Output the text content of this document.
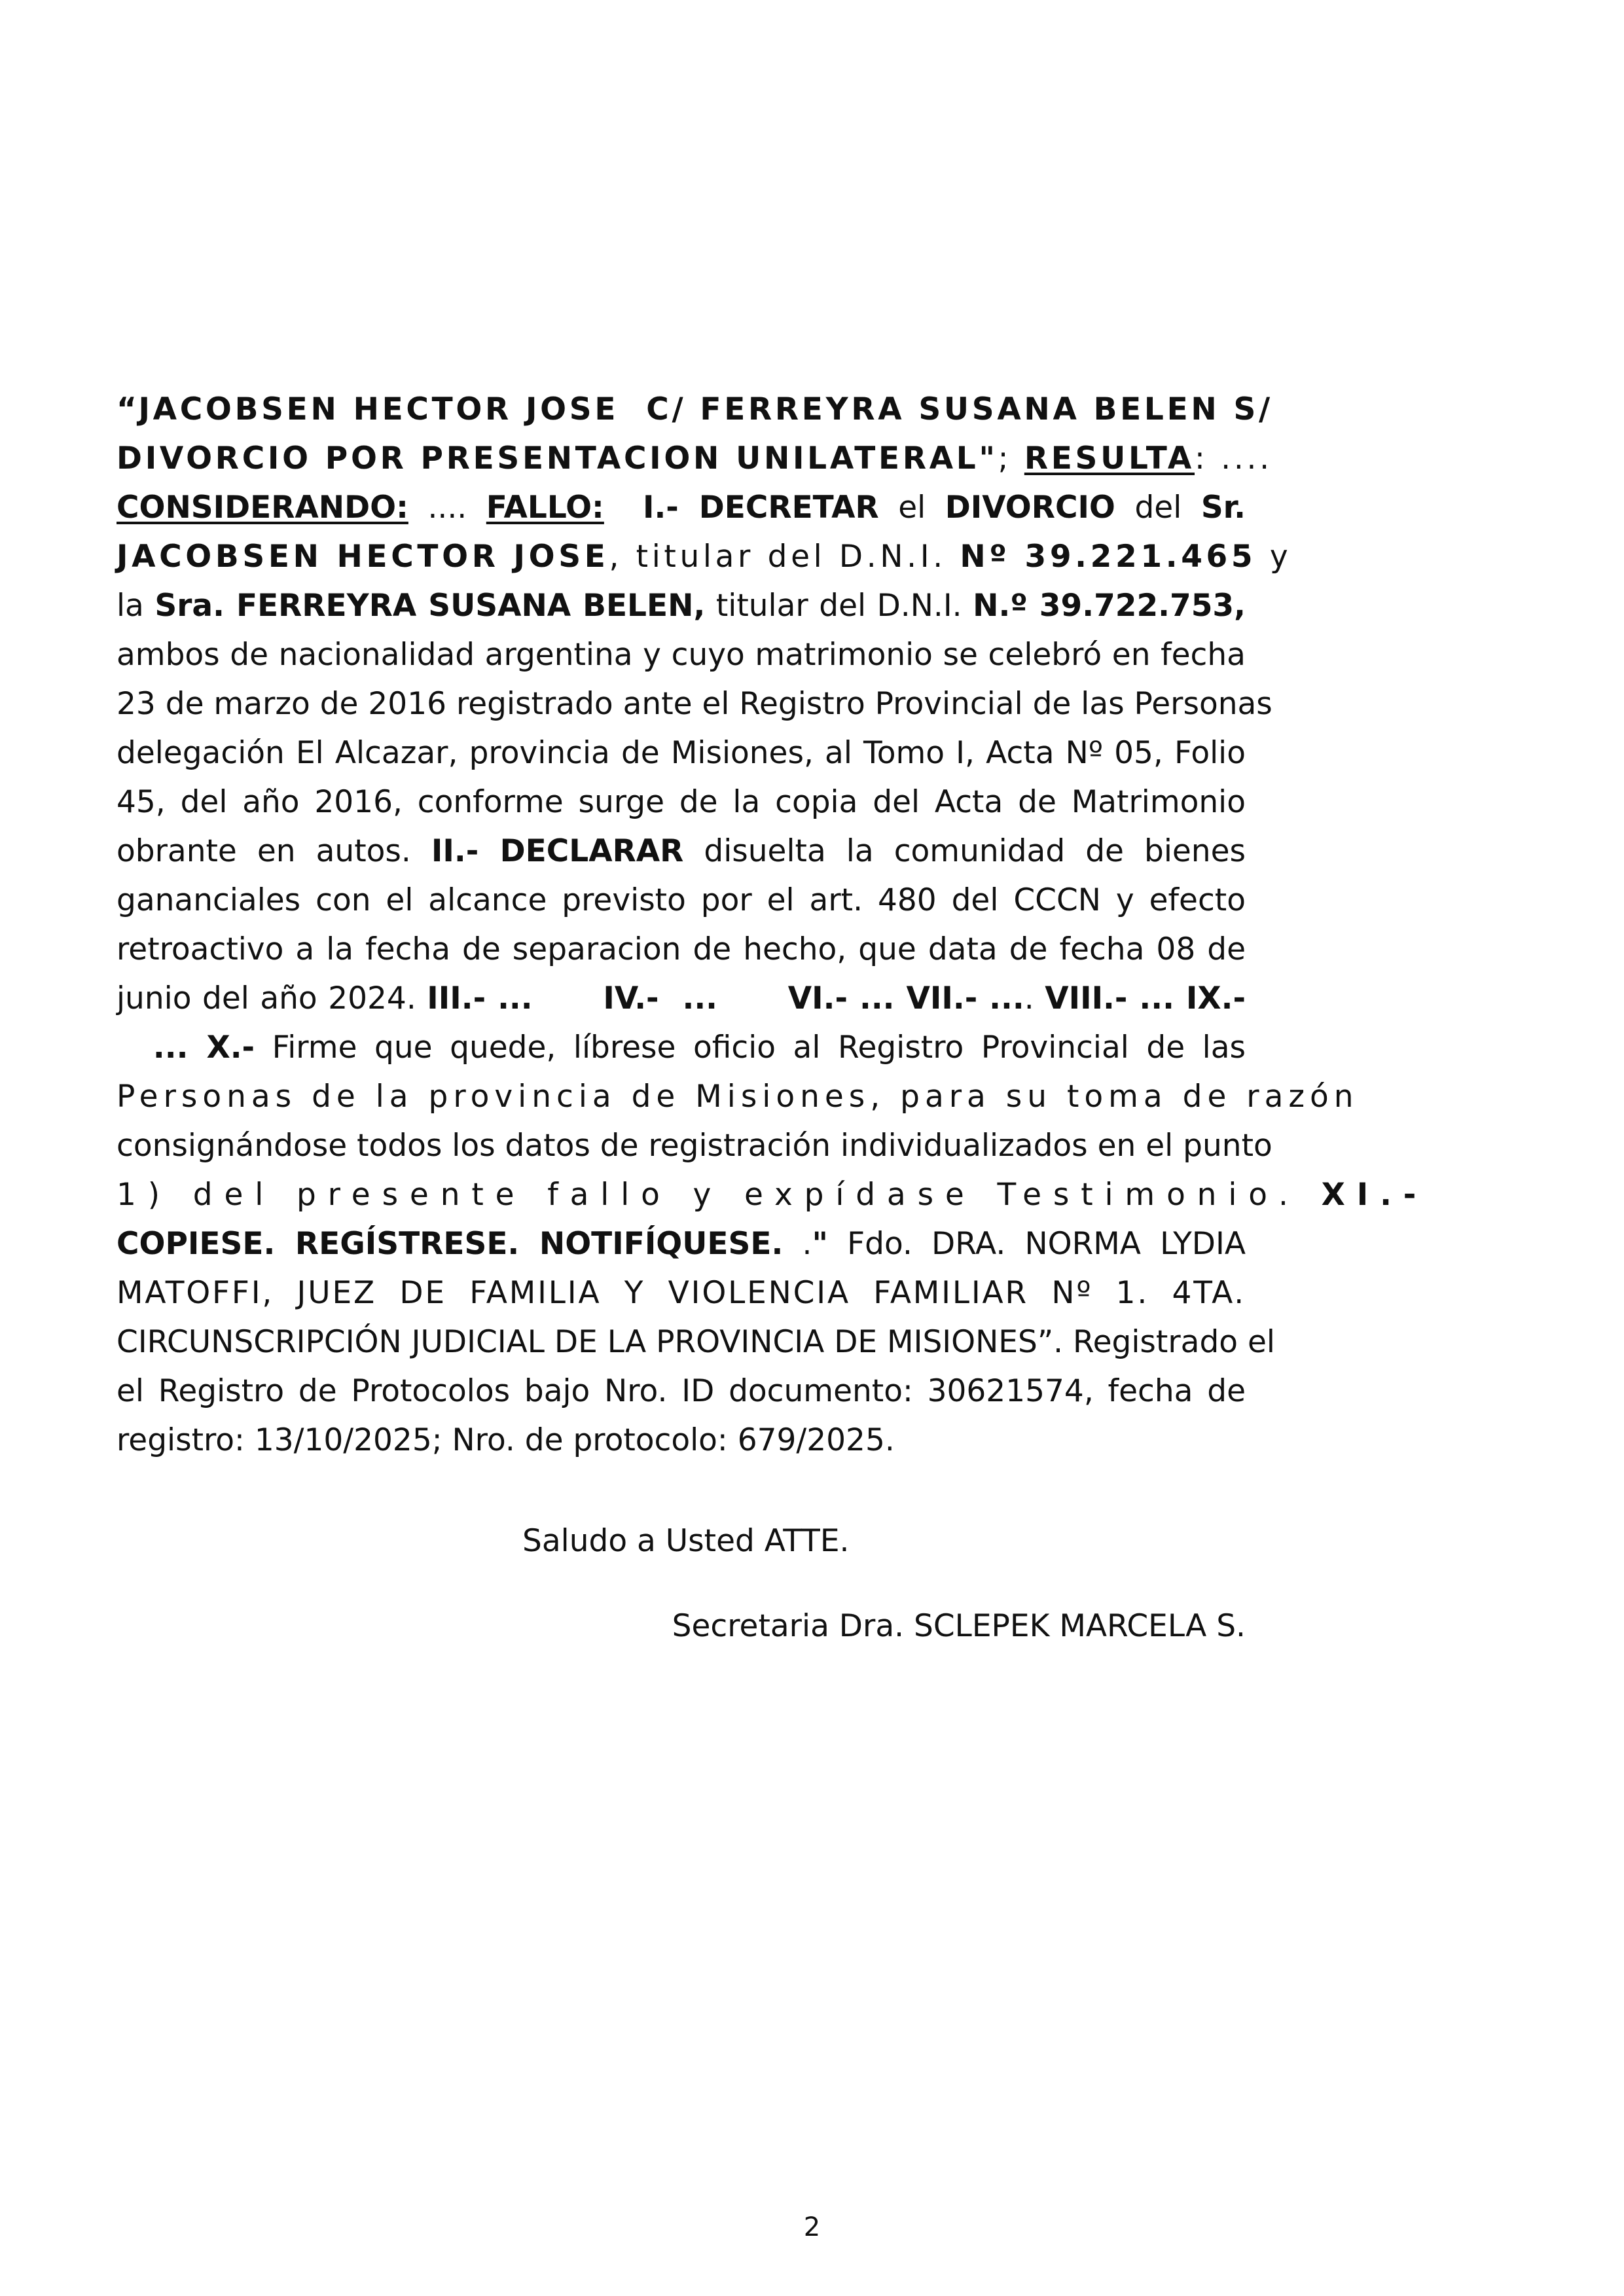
“JACOBSEN HECTOR JOSE  C/ FERREYRA SUSANA BELEN S/
DIVORCIO POR PRESENTACION UNILATERAL"; RESULTA: ....
CONSIDERANDO: .... FALLO: I.- DECRETAR el DIVORCIO del Sr.
JACOBSEN HECTOR JOSE, titular del D.N.I. Nº 39.221.465 y
la Sra. FERREYRA SUSANA BELEN, titular del D.N.I. N.º 39.722.753,
ambos de nacionalidad argentina y cuyo matrimonio se celebró en fecha
23 de marzo de 2016 registrado ante el Registro Provincial de las Personas
delegación El Alcazar, provincia de Misiones, al Tomo I, Acta Nº 05, Folio
45, del año 2016, conforme surge de la copia del Acta de Matrimonio
obrante en autos. II.- DECLARAR disuelta la comunidad de bienes
gananciales con el alcance previsto por el art. 480 del CCCN y efecto
retroactivo a la fecha de separacion de hecho, que data de fecha 08 de
junio del año 2024. III.- ...      IV.-  ...      VI.- ... VII.- .... VIII.- ... IX.-
... X.- Firme que quede, líbrese oficio al Registro Provincial de las
Personas de la provincia de Misiones, para su toma de razón
consignándose todos los datos de registración individualizados en el punto
1) del presente fallo y expídase Testimonio. XI.-
COPIESE. REGÍSTRESE. NOTIFÍQUESE. ." Fdo. DRA. NORMA LYDIA
MATOFFI, JUEZ DE FAMILIA Y VIOLENCIA FAMILIAR Nº 1. 4TA.
CIRCUNSCRIPCIÓN JUDICIAL DE LA PROVINCIA DE MISIONES”. Registrado el
el Registro de Protocolos bajo Nro. ID documento: 30621574, fecha de
registro: 13/10/2025; Nro. de protocolo: 679/2025.
Saludo a Usted ATTE.
Secretaria Dra. SCLEPEK MARCELA S.
2
